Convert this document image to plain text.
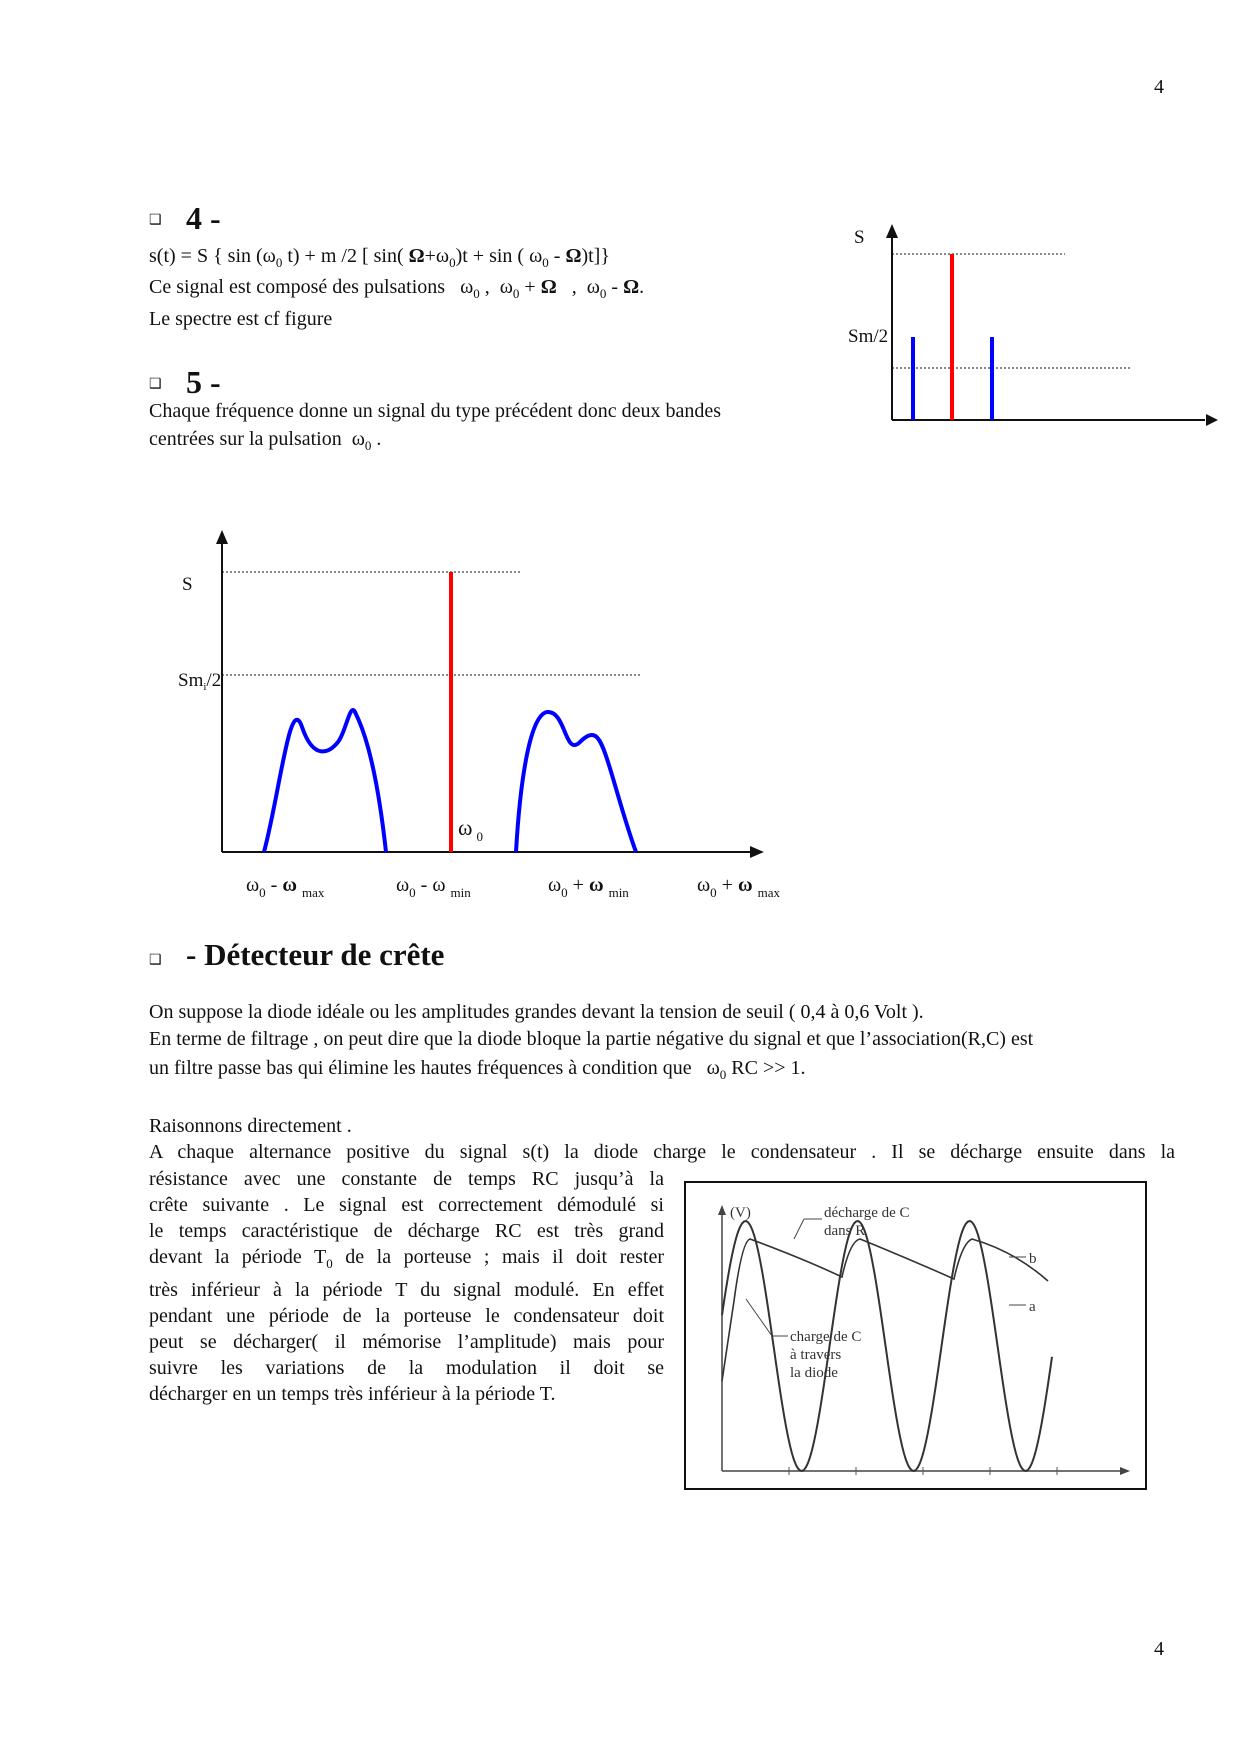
4
4
❑ 4 -
s(t) = S { $\sin (\omega_0$ t) + m /2 [ sin( $\Omega+\omega_0)t + \sin$ ( $\omega_0 - \Omega)t$]}
Ce signal est composé des pulsations $\omega_0$ , $\omega_0 + \Omega$ , $\omega_0$ - Ω.
Le spectre est cf figure
❑ 5 -
Chaque fréquence donne un signal du type précédent donc deux bandes
centrées sur la pulsation $\omega_0$ .
S
Sm/2
S
$Sm_i/2$
ω $_0$
$\omega_0$ - ω $_{max}$	$\omega_0$ - ω $_{min}$	$\omega_0 + \omega$ $_{min}$	$\omega_0 + \omega$ $_{max}$
❑ - Détecteur de crête
On suppose la diode idéale ou les amplitudes grandes devant la tension de seuil ( 0,4 à 0,6 Volt ).
En terme de filtrage , on peut dire que la diode bloque la partie négative du signal et que l’association(R,C) est
un filtre passe bas qui élimine les hautes fréquences à condition que $\omega_0$ RC >> 1.
Raisonnons directement .
A chaque alternance positive du signal s(t) la diode charge le condensateur . Il se décharge ensuite dans la
résistance avec une constante de temps RC jusqu’à la
crête suivante . Le signal est correctement démodulé si
le temps caractéristique de décharge RC est très grand
devant la période $T_0$ de la porteuse ; mais il doit rester
très inférieur à la période T du signal modulé. En effet
pendant une période de la porteuse le condensateur doit
peut se décharger( il mémorise l’amplitude) mais pour
suivre les variations de la modulation il doit se
décharger en un temps très inférieur à la période T.
(V)	décharge de C
dans R
charge de C
à travers
la diode
b
a
